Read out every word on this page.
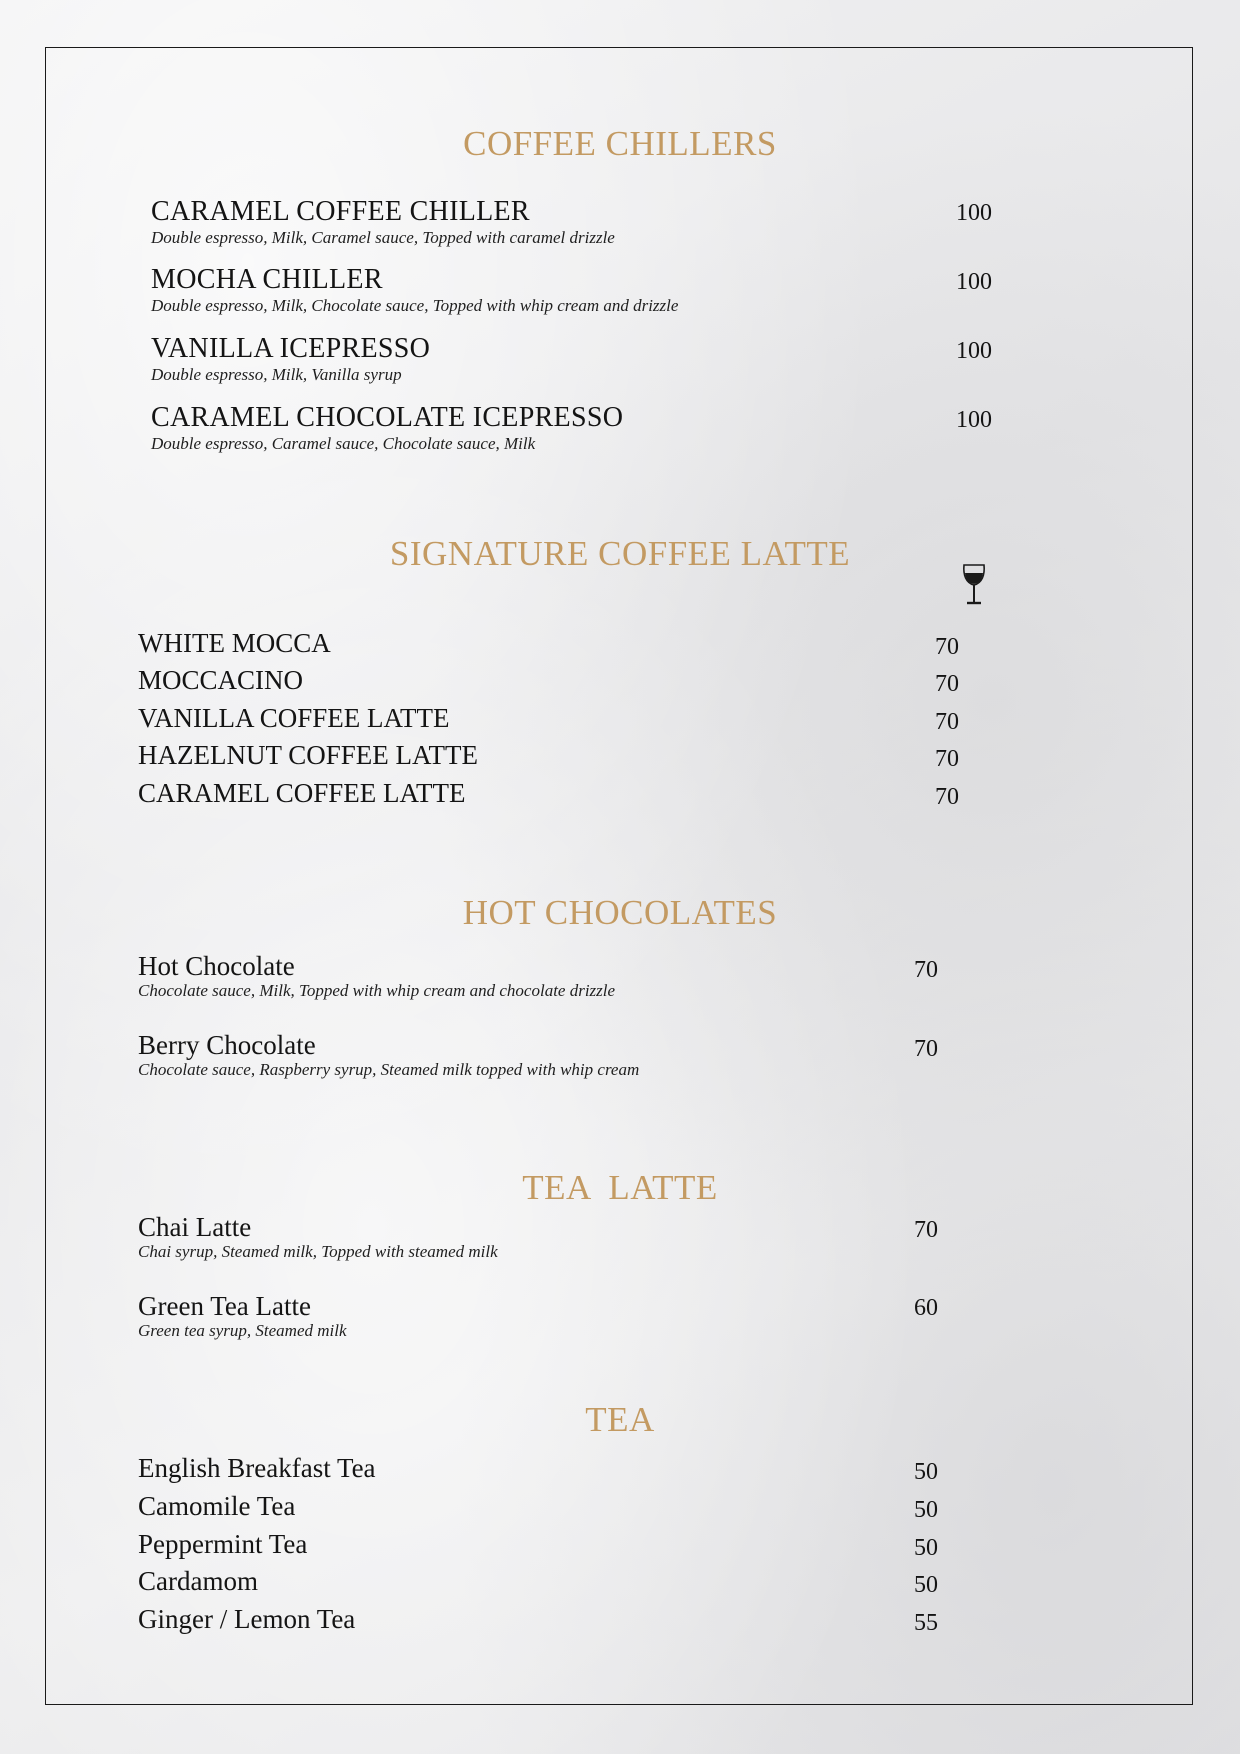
COFFEE CHILLERS
CARAMEL COFFEE CHILLER
Double espresso, Milk, Caramel sauce, Topped with caramel drizzle
100
MOCHA CHILLER
Double espresso, Milk, Chocolate sauce, Topped with whip cream and drizzle
100
VANILLA ICEPRESSO
Double espresso, Milk, Vanilla syrup
100
CARAMEL CHOCOLATE ICEPRESSO
Double espresso, Caramel sauce, Chocolate sauce, Milk
100
SIGNATURE COFFEE LATTE
WHITE MOCCA	70
MOCCACINO	70
VANILLA COFFEE LATTE	70
HAZELNUT COFFEE LATTE	70
CARAMEL COFFEE LATTE	70
HOT CHOCOLATES
Hot Chocolate
Chocolate sauce, Milk, Topped with whip cream and chocolate drizzle
70
Berry Chocolate
Chocolate sauce, Raspberry syrup, Steamed milk topped with whip cream
70
TEA  LATTE
Chai Latte
Chai syrup, Steamed milk, Topped with steamed milk
70
Green Tea Latte
Green tea syrup, Steamed milk
60
TEA
English Breakfast Tea	50
Camomile Tea	50
Peppermint Tea	50
Cardamom	50
Ginger / Lemon Tea	55
